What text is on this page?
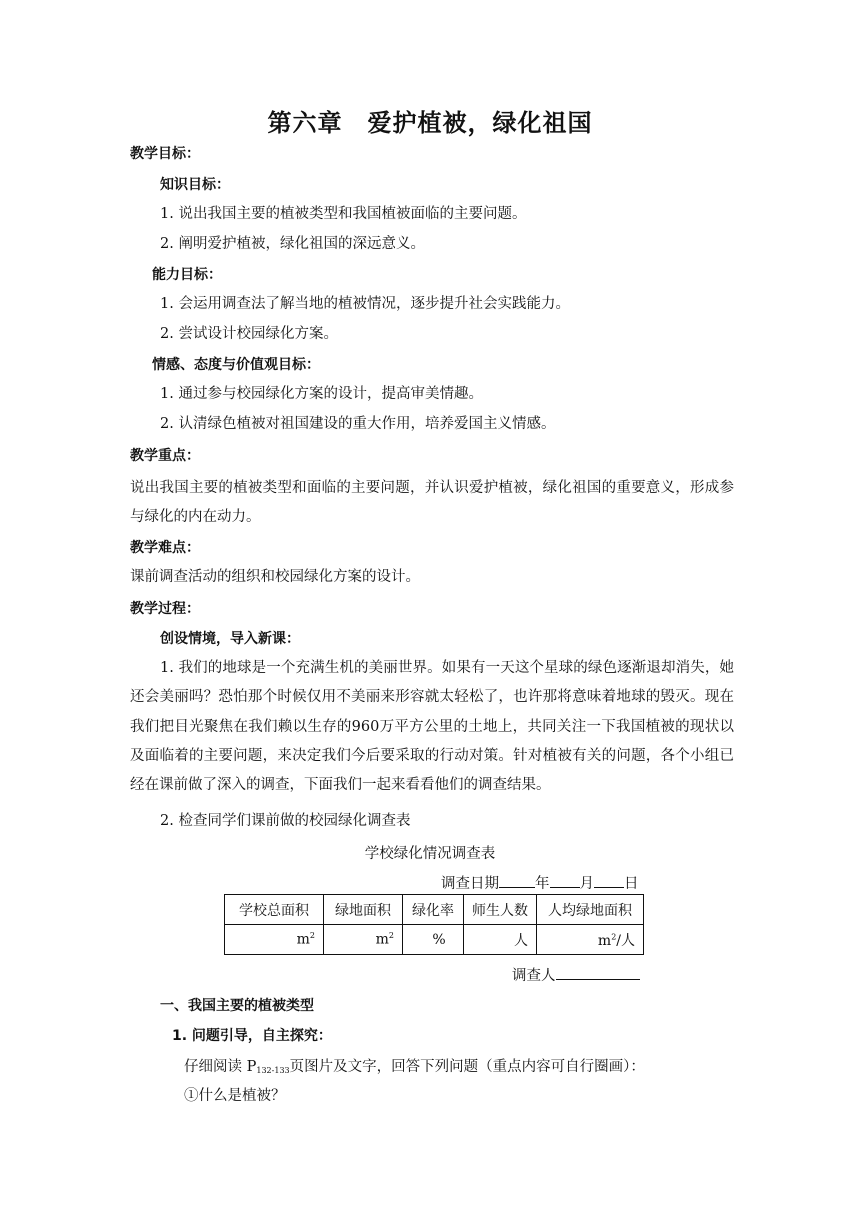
第六章　爱护植被，绿化祖国
教学目标：
知识目标：
1. 说出我国主要的植被类型和我国植被面临的主要问题。
2. 阐明爱护植被，绿化祖国的深远意义。
能力目标：
1. 会运用调查法了解当地的植被情况，逐步提升社会实践能力。
2. 尝试设计校园绿化方案。
情感、态度与价值观目标：
1. 通过参与校园绿化方案的设计，提高审美情趣。
2. 认清绿色植被对祖国建设的重大作用，培养爱国主义情感。
教学重点：
说出我国主要的植被类型和面临的主要问题，并认识爱护植被，绿化祖国的重要意义，形成参与绿化的内在动力。
教学难点：
课前调查活动的组织和校园绿化方案的设计。
教学过程：
创设情境，导入新课：
1. 我们的地球是一个充满生机的美丽世界。如果有一天这个星球的绿色逐渐退却消失，她还会美丽吗？恐怕那个时候仅用不美丽来形容就太轻松了，也许那将意味着地球的毁灭。现在我们把目光聚焦在我们赖以生存的960万平方公里的土地上，共同关注一下我国植被的现状以及面临着的主要问题，来决定我们今后要采取的行动对策。针对植被有关的问题，各个小组已经在课前做了深入的调查，下面我们一起来看看他们的调查结果。
2. 检查同学们课前做的校园绿化调查表
学校绿化情况调查表
调查日期 年 月 日
学校总面积	绿地面积	绿化率	师生人数	人均绿地面积
$m^2$	$m^2$	%	人	$m^2/$人
调查人
一、我国主要的植被类型
1. 问题引导，自主探究：
仔细阅读 $P_{132-133}$页图片及文字，回答下列问题（重点内容可自行圈画）：
①什么是植被？
